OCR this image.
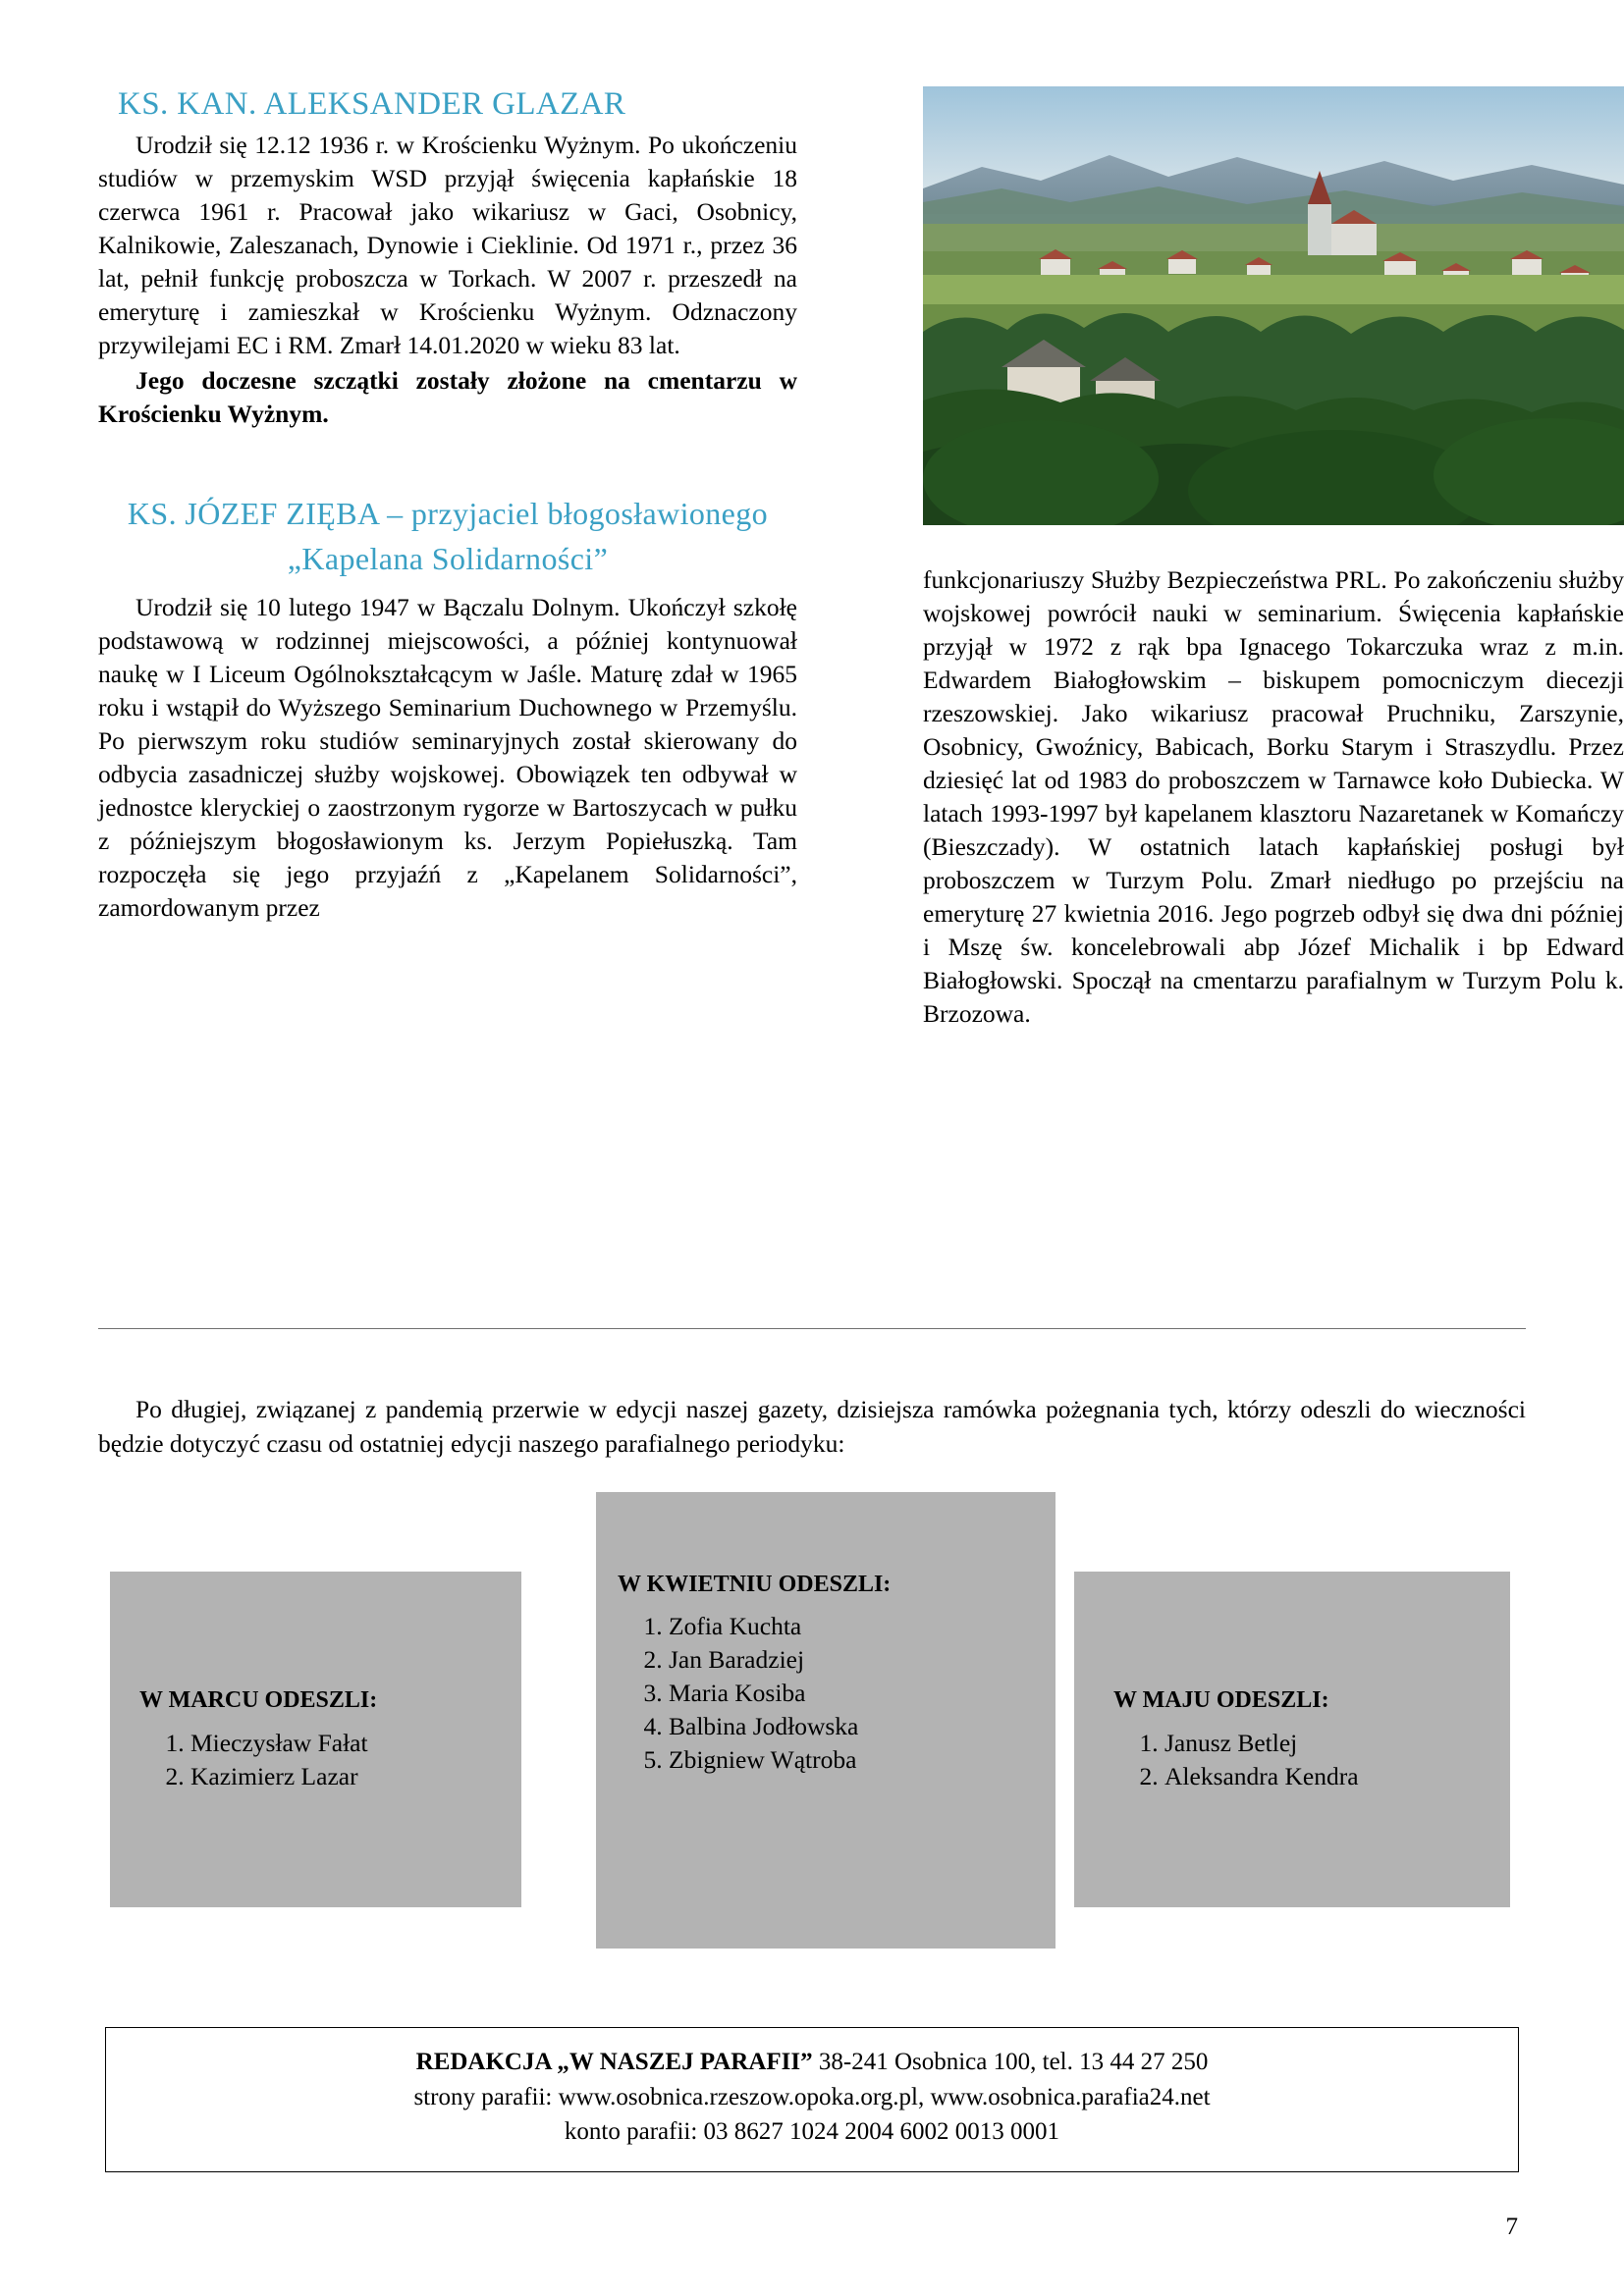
KS. KAN. ALEKSANDER GLAZAR

Urodził się 12.12 1936 r. w Krościenku Wyżnym. Po ukończeniu studiów w przemyskim WSD przyjął święcenia kapłańskie 18 czerwca 1961 r. Pracował jako wikariusz w Gaci, Osobnicy, Kalnikowie, Zaleszanach, Dynowie i Cieklinie. Od 1971 r., przez 36 lat, pełnił funkcję proboszcza w Torkach. W 2007 r. przeszedł na emeryturę i zamieszkał w Krościenku Wyżnym. Odznaczony przywilejami EC i RM. Zmarł 14.01.2020 w wieku 83 lat.

Jego doczesne szczątki zostały złożone na cmentarzu w Krościenku Wyżnym.

KS. JÓZEF ZIĘBA – przyjaciel błogosławionego „Kapelana Solidarności”

Urodził się 10 lutego 1947 w Bączalu Dolnym. Ukończył szkołę podstawową w rodzinnej miejscowości, a później kontynuował naukę w I Liceum Ogólnokształcącym w Jaśle. Maturę zdał w 1965 roku i wstąpił do Wyższego Seminarium Duchownego w Przemyślu. Po pierwszym roku studiów seminaryjnych został skierowany do odbycia zasadniczej służby wojskowej. Obowiązek ten odbywał w jednostce kleryckiej o zaostrzonym rygorze w Bartoszycach w pułku z późniejszym błogosławionym ks. Jerzym Popiełuszką. Tam rozpoczęła się jego przyjaźń z „Kapelanem Solidarności”, zamordowanym przez

funkcjonariuszy Służby Bezpieczeństwa PRL. Po zakończeniu służby wojskowej powrócił nauki w seminarium. Święcenia kapłańskie przyjął w 1972 z rąk bpa Ignacego Tokarczuka wraz z m.in. Edwardem Białogłowskim – biskupem pomocniczym diecezji rzeszowskiej. Jako wikariusz pracował Pruchniku, Zarszynie, Osobnicy, Gwoźnicy, Babicach, Borku Starym i Straszydlu. Przez dziesięć lat od 1983 do proboszczem w Tarnawce koło Dubiecka. W latach 1993-1997 był kapelanem klasztoru Nazaretanek w Komańczy (Bieszczady). W ostatnich latach kapłańskiej posługi był proboszczem w Turzym Polu. Zmarł niedługo po przejściu na emeryturę 27 kwietnia 2016. Jego pogrzeb odbył się dwa dni później i Mszę św. koncelebrowali abp Józef Michalik i bp Edward Białogłowski. Spoczął na cmentarzu parafialnym w Turzym Polu k. Brzozowa.

Po długiej, związanej z pandemią przerwie w edycji naszej gazety, dzisiejsza ramówka pożegnania tych, którzy odeszli do wieczności będzie dotyczyć czasu od ostatniej edycji naszego parafialnego periodyku:

W MARCU ODESZLI:

1. Mieczysław Fałat
2. Kazimierz Lazar

W KWIETNIU ODESZLI:

1. Zofia Kuchta
2. Jan Baradziej
3. Maria Kosiba
4. Balbina Jodłowska
5. Zbigniew Wątroba

W MAJU ODESZLI:

1. Janusz Betlej
2. Aleksandra Kendra

REDAKCJA „W NASZEJ PARAFII” 38-241 Osobnica 100, tel. 13 44 27 250

strony parafii: www.osobnica.rzeszow.opoka.org.pl, www.osobnica.parafia24.net

konto parafii: 03 8627 1024 2004 6002 0013 0001

7
